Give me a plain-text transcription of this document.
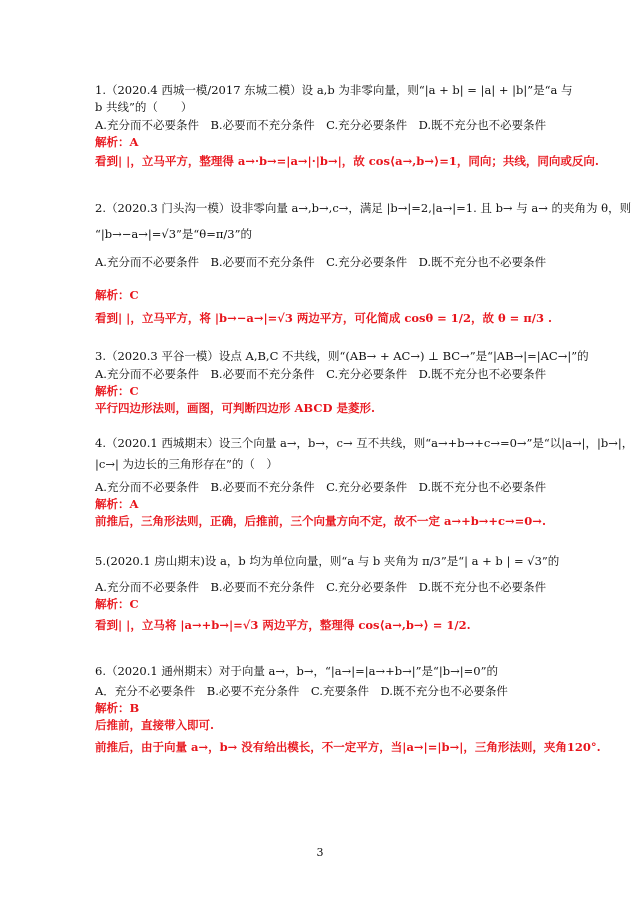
1.（2020.4 西城一模/2017 东城二模）设 a,b 为非零向量，则“|a + b| = |a| + |b|”是“a 与
b 共线”的（　　）
A.充分而不必要条件　B.必要而不充分条件　C.充分必要条件　D.既不充分也不必要条件
解析：A
看到| |，立马平方，整理得 a→·b→=|a→|·|b→|，故 cos⟨a→,b→⟩=1，同向；共线，同向或反向.
2.（2020.3 门头沟一模）设非零向量 a→,b→,c→，满足 |b→|=2,|a→|=1. 且 b→ 与 a→ 的夹角为 θ，则
“|b→−a→|=√3”是“θ=π/3”的
A.充分而不必要条件　B.必要而不充分条件　C.充分必要条件　D.既不充分也不必要条件
解析：C
看到| |，立马平方，将 |b→−a→|=√3 两边平方，可化简成 cosθ = 1/2，故 θ = π/3 .
3.（2020.3 平谷一模）设点 A,B,C 不共线，则“(AB→ + AC→) ⊥ BC→”是“|AB→|=|AC→|”的
A.充分而不必要条件　B.必要而不充分条件　C.充分必要条件　D.既不充分也不必要条件
解析：C
平行四边形法则，画图，可判断四边形 ABCD 是菱形.
4.（2020.1 西城期末）设三个向量 a→，b→，c→ 互不共线，则“a→+b→+c→=0→”是“以|a→|，|b→|，
|c→| 为边长的三角形存在”的（　）
A.充分而不必要条件　B.必要而不充分条件　C.充分必要条件　D.既不充分也不必要条件
解析：A
前推后，三角形法则，正确，后推前，三个向量方向不定，故不一定 a→+b→+c→=0→.
5.(2020.1 房山期末)设 a，b 均为单位向量，则“a 与 b 夹角为 π/3”是“| a + b | = √3”的
A.充分而不必要条件　B.必要而不充分条件　C.充分必要条件　D.既不充分也不必要条件
解析：C
看到| |，立马将 |a→+b→|=√3 两边平方，整理得 cos⟨a→,b→⟩ = 1/2.
6.（2020.1 通州期末）对于向量 a→，b→，“|a→|=|a→+b→|”是“|b→|=0”的
A．充分不必要条件　B.必要不充分条件　C.充要条件　D.既不充分也不必要条件
解析：B
后推前，直接带入即可.
前推后，由于向量 a→，b→ 没有给出模长，不一定平方，当|a→|=|b→|，三角形法则，夹角120°.
3
